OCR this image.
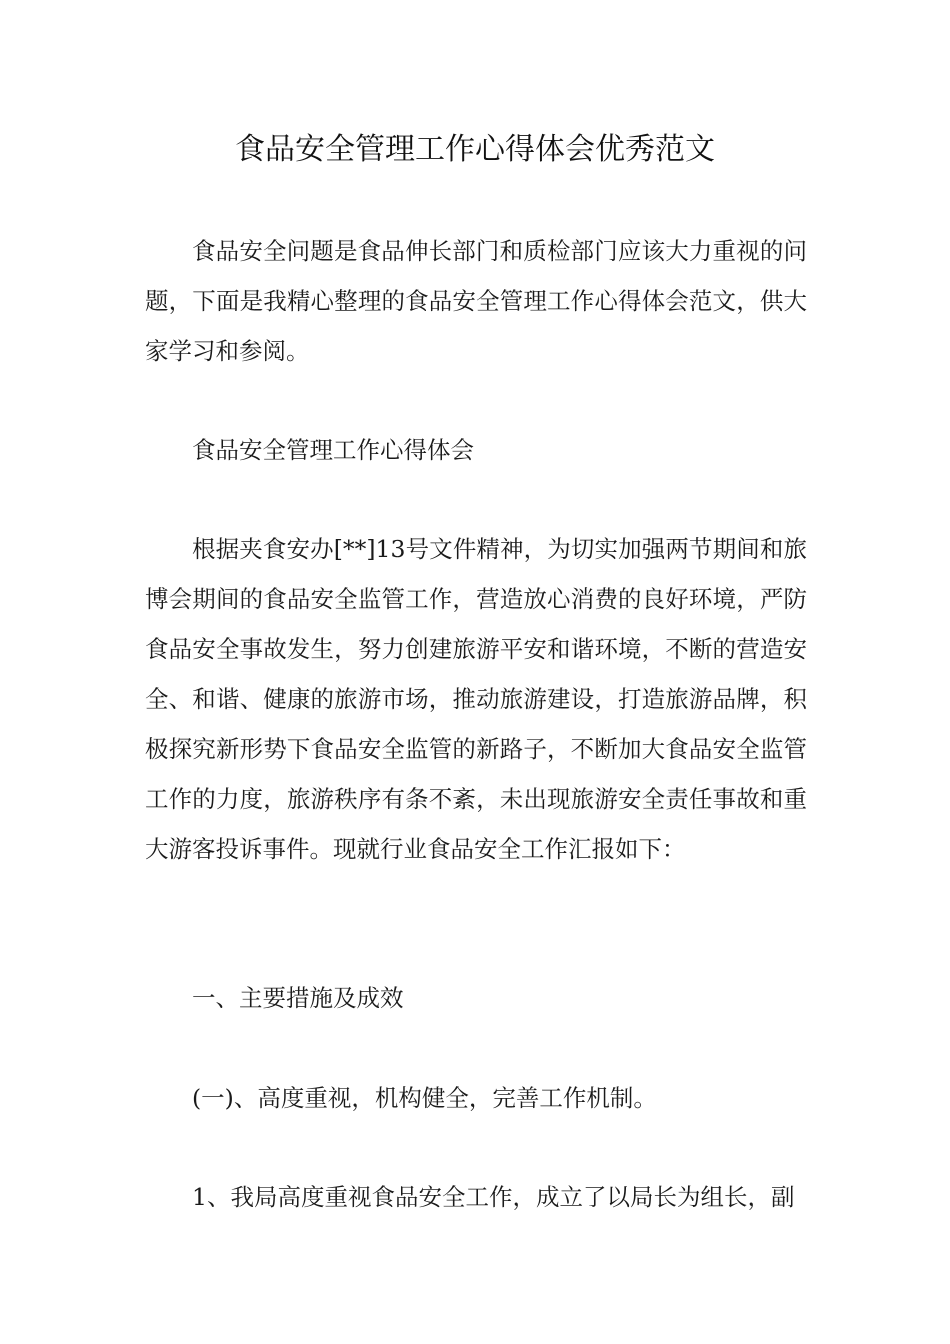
食品安全管理工作心得体会优秀范文

食品安全问题是食品伸长部门和质检部门应该大力重视的问题，下面是我精心整理的食品安全管理工作心得体会范文，供大家学习和参阅。

食品安全管理工作心得体会

根据夹食安办[**]13号文件精神，为切实加强两节期间和旅博会期间的食品安全监管工作，营造放心消费的良好环境，严防食品安全事故发生，努力创建旅游平安和谐环境，不断的营造安全、和谐、健康的旅游市场，推动旅游建设，打造旅游品牌，积极探究新形势下食品安全监管的新路子，不断加大食品安全监管工作的力度，旅游秩序有条不紊，未出现旅游安全责任事故和重大游客投诉事件。现就行业食品安全工作汇报如下：

一、主要措施及成效

(一)、高度重视，机构健全，完善工作机制。

1、我局高度重视食品安全工作，成立了以局长为组长，副
